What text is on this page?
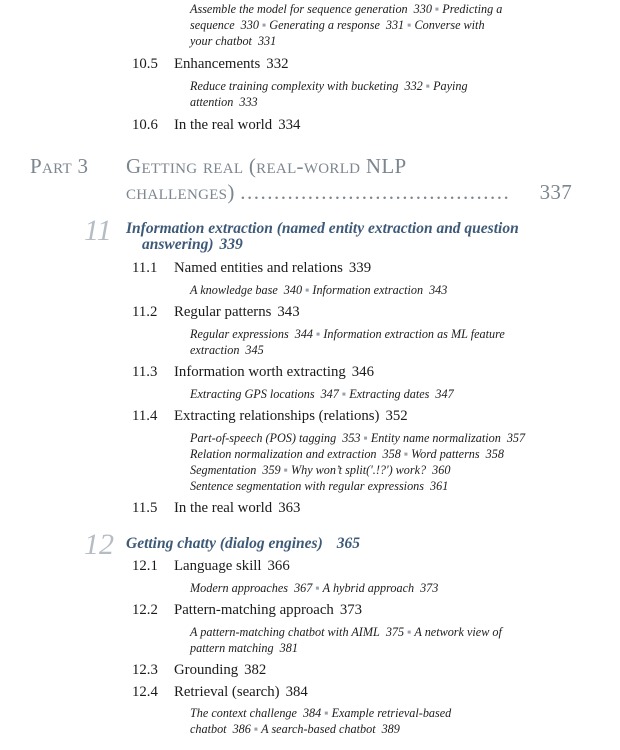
Assemble the model for sequence generation 330 ▪ Predicting a
sequence 330 ▪ Generating a response 331 ▪ Converse with
your chatbot 331
10.5 Enhancements 332
Reduce training complexity with bucketing 332 ▪ Paying
attention 333
10.6 In the real world 334
Part 3 Getting real (real-world NLP
challenges) ........................................ 337
11 Information extraction (named entity extraction and question
answering) 339
11.1 Named entities and relations 339
A knowledge base 340 ▪ Information extraction 343
11.2 Regular patterns 343
Regular expressions 344 ▪ Information extraction as ML feature
extraction 345
11.3 Information worth extracting 346
Extracting GPS locations 347 ▪ Extracting dates 347
11.4 Extracting relationships (relations) 352
Part-of-speech (POS) tagging 353 ▪ Entity name normalization 357
Relation normalization and extraction 358 ▪ Word patterns 358
Segmentation 359 ▪ Why won’t split('.!?') work? 360
Sentence segmentation with regular expressions 361
11.5 In the real world 363
12 Getting chatty (dialog engines) 365
12.1 Language skill 366
Modern approaches 367 ▪ A hybrid approach 373
12.2 Pattern-matching approach 373
A pattern-matching chatbot with AIML 375 ▪ A network view of
pattern matching 381
12.3 Grounding 382
12.4 Retrieval (search) 384
The context challenge 384 ▪ Example retrieval-based
chatbot 386 ▪ A search-based chatbot 389
